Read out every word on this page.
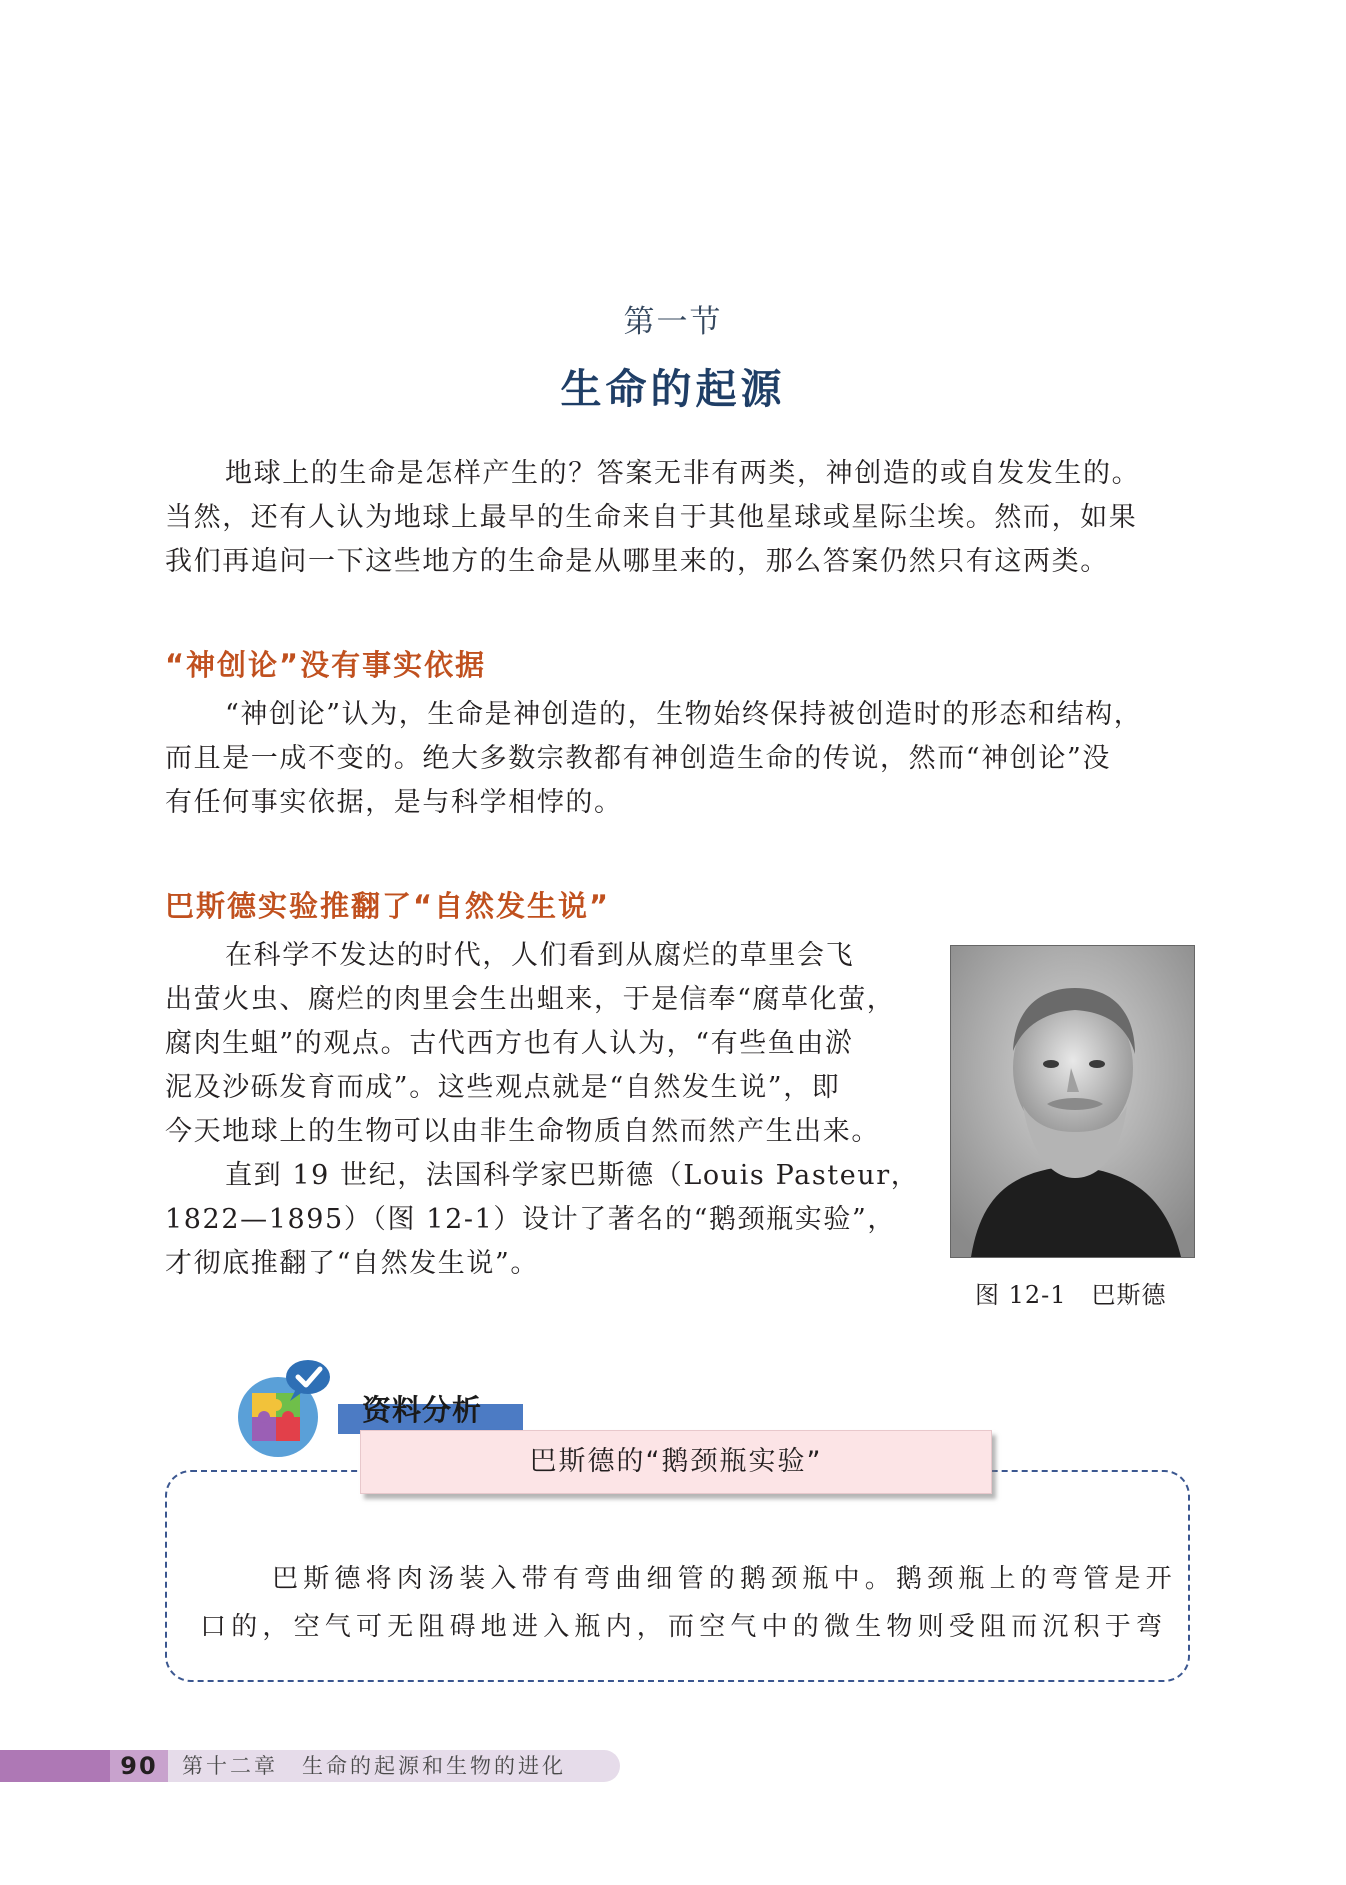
第一节
生命的起源
地球上的生命是怎样产生的？答案无非有两类，神创造的或自发发生的。
当然，还有人认为地球上最早的生命来自于其他星球或星际尘埃。然而，如果
我们再追问一下这些地方的生命是从哪里来的，那么答案仍然只有这两类。
“神创论”没有事实依据
“神创论”认为，生命是神创造的，生物始终保持被创造时的形态和结构，
而且是一成不变的。绝大多数宗教都有神创造生命的传说，然而“神创论”没
有任何事实依据，是与科学相悖的。
巴斯德实验推翻了“自然发生说”
在科学不发达的时代，人们看到从腐烂的草里会飞
出萤火虫、腐烂的肉里会生出蛆来，于是信奉“腐草化萤，
腐肉生蛆”的观点。古代西方也有人认为，“有些鱼由淤
泥及沙砾发育而成”。这些观点就是“自然发生说”，即
今天地球上的生物可以由非生命物质自然而然产生出来。
直到 19 世纪，法国科学家巴斯德（Louis Pasteur，
1822—1895）（图 12-1）设计了著名的“鹅颈瓶实验”，
才彻底推翻了“自然发生说”。
图 12-1　巴斯德
资料分析
巴斯德的“鹅颈瓶实验”
巴斯德将肉汤装入带有弯曲细管的鹅颈瓶中。鹅颈瓶上的弯管是开
口的，空气可无阻碍地进入瓶内，而空气中的微生物则受阻而沉积于弯
90	第十二章　生命的起源和生物的进化
